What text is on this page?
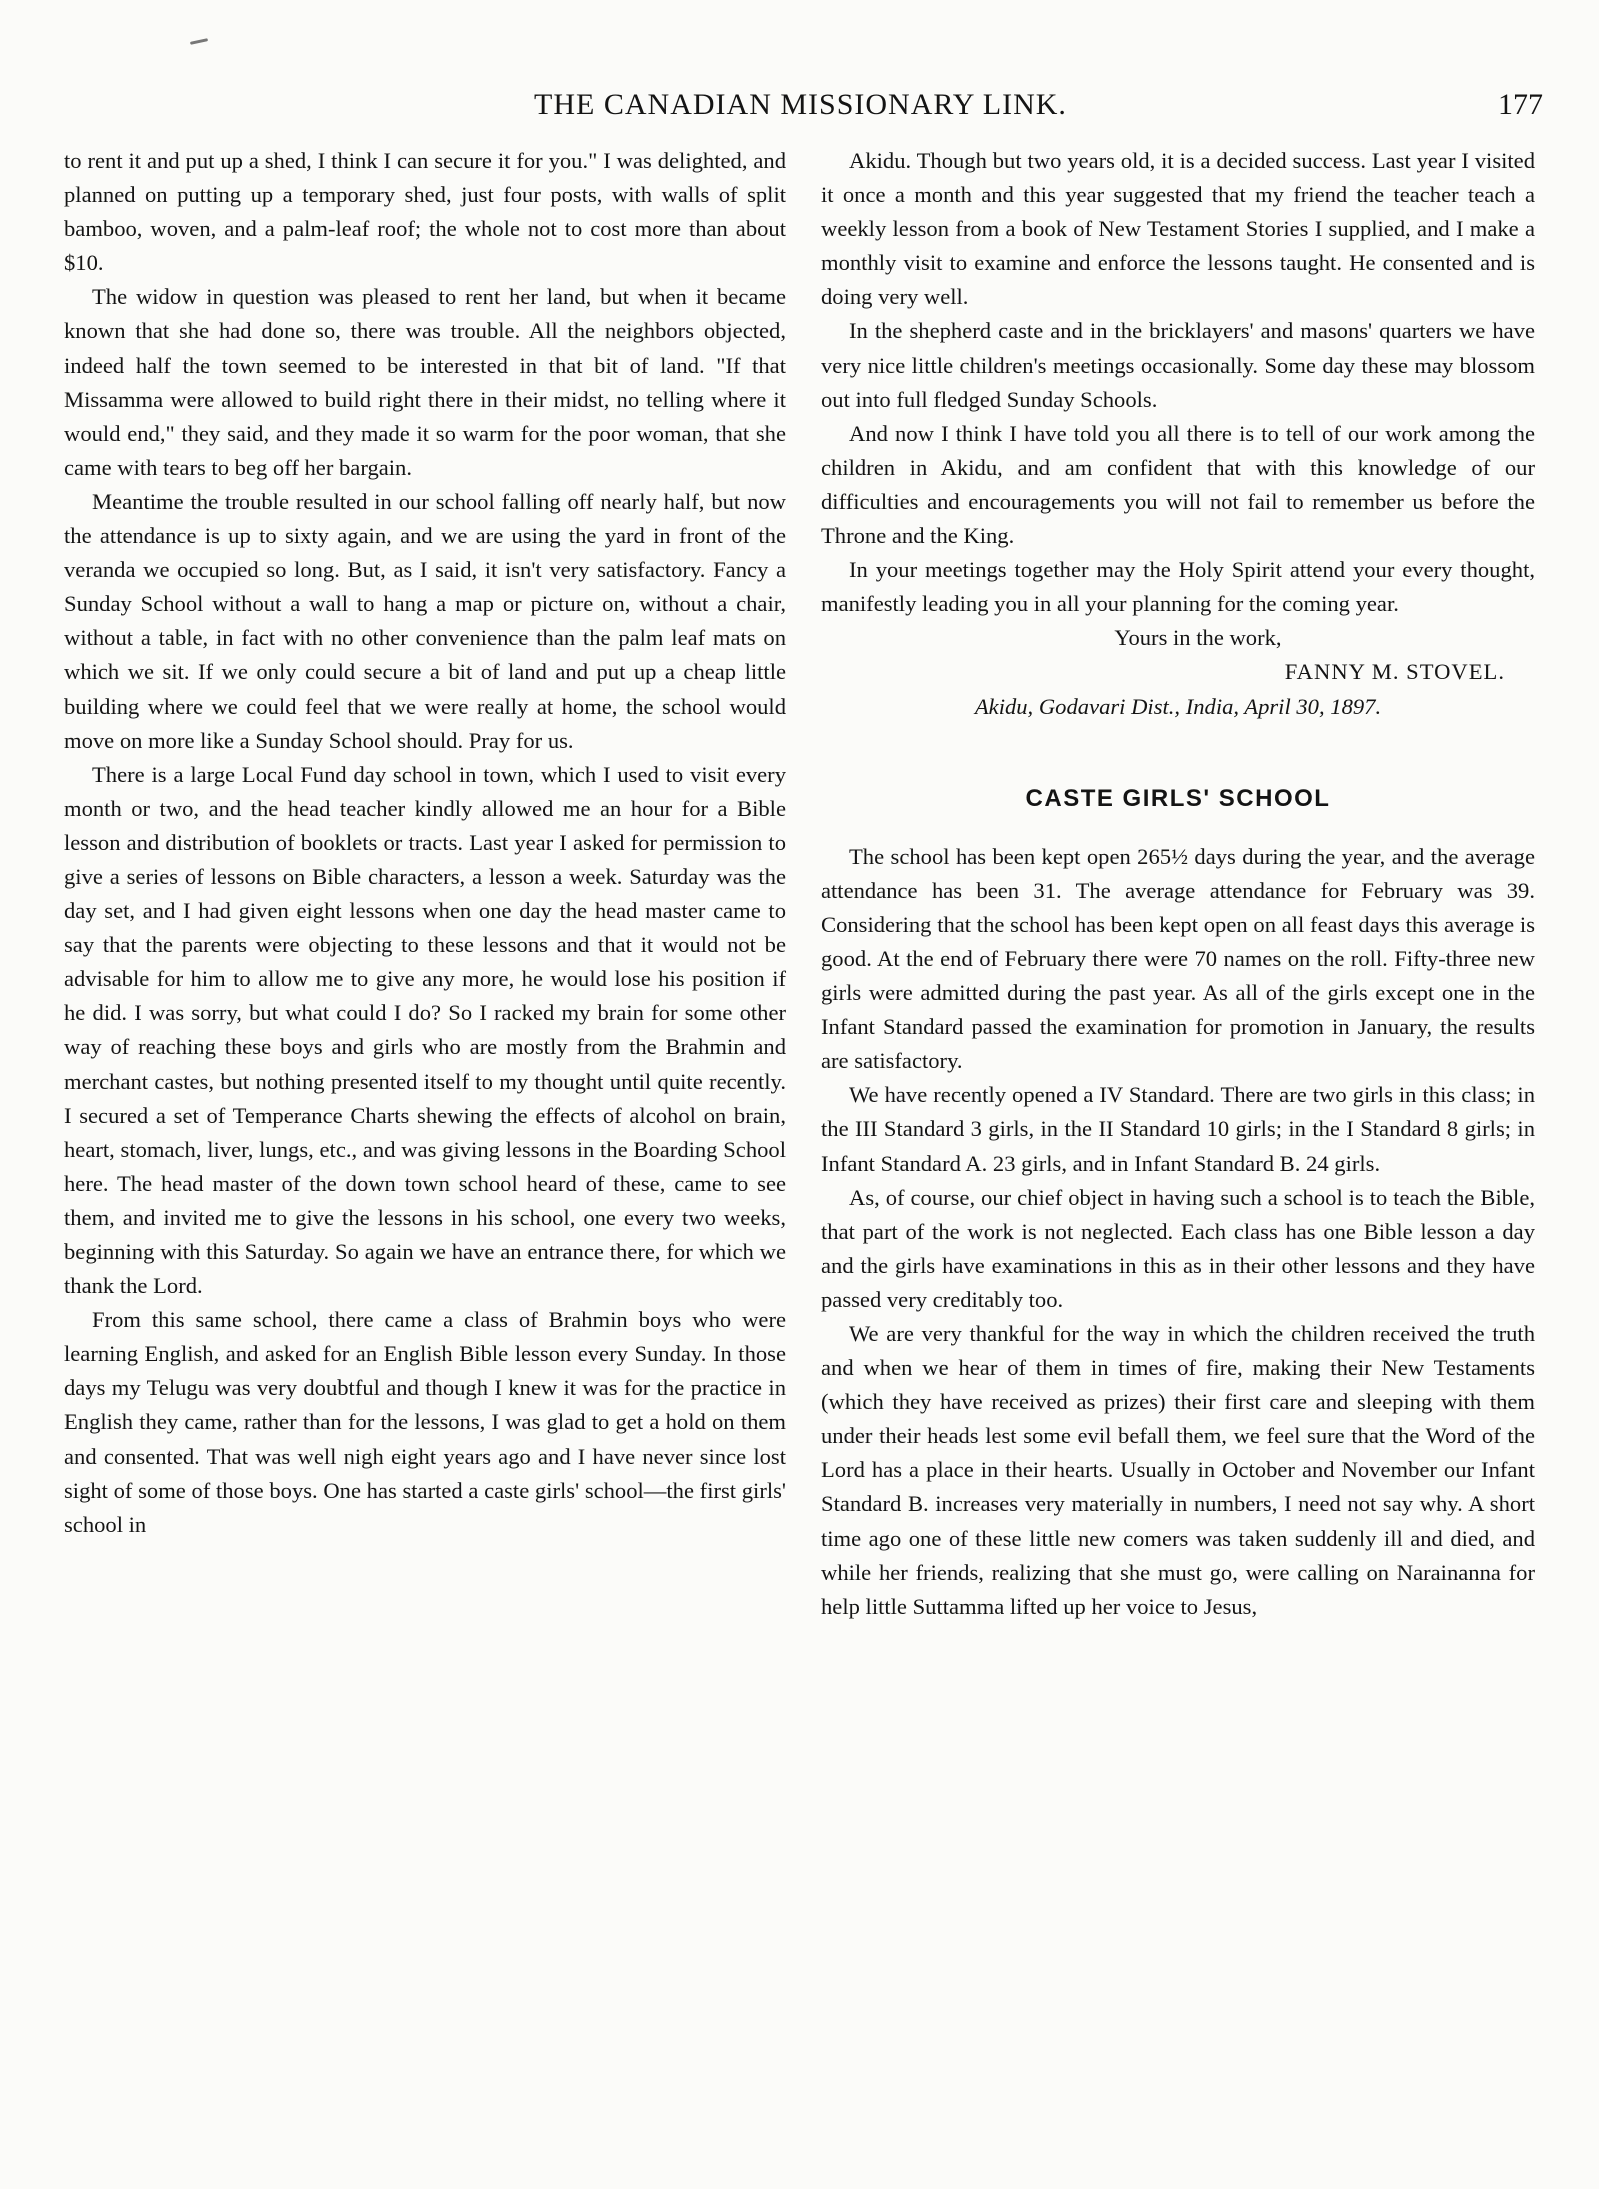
THE CANADIAN MISSIONARY LINK.	177

to rent it and put up a shed, I think I can secure it for you." I was delighted, and planned on putting up a temporary shed, just four posts, with walls of split bamboo, woven, and a palm-leaf roof; the whole not to cost more than about $10.

The widow in question was pleased to rent her land, but when it became known that she had done so, there was trouble. All the neighbors objected, indeed half the town seemed to be interested in that bit of land. "If that Missamma were allowed to build right there in their midst, no telling where it would end," they said, and they made it so warm for the poor woman, that she came with tears to beg off her bargain.

Meantime the trouble resulted in our school falling off nearly half, but now the attendance is up to sixty again, and we are using the yard in front of the veranda we occupied so long. But, as I said, it isn't very satisfactory. Fancy a Sunday School without a wall to hang a map or picture on, without a chair, without a table, in fact with no other convenience than the palm leaf mats on which we sit. If we only could secure a bit of land and put up a cheap little building where we could feel that we were really at home, the school would move on more like a Sunday School should. Pray for us.

There is a large Local Fund day school in town, which I used to visit every month or two, and the head teacher kindly allowed me an hour for a Bible lesson and distribution of booklets or tracts. Last year I asked for permission to give a series of lessons on Bible characters, a lesson a week. Saturday was the day set, and I had given eight lessons when one day the head master came to say that the parents were objecting to these lessons and that it would not be advisable for him to allow me to give any more, he would lose his position if he did. I was sorry, but what could I do? So I racked my brain for some other way of reaching these boys and girls who are mostly from the Brahmin and merchant castes, but nothing presented itself to my thought until quite recently. I secured a set of Temperance Charts shewing the effects of alcohol on brain, heart, stomach, liver, lungs, etc., and was giving lessons in the Boarding School here. The head master of the down town school heard of these, came to see them, and invited me to give the lessons in his school, one every two weeks, beginning with this Saturday. So again we have an entrance there, for which we thank the Lord.

From this same school, there came a class of Brahmin boys who were learning English, and asked for an English Bible lesson every Sunday. In those days my Telugu was very doubtful and though I knew it was for the practice in English they came, rather than for the lessons, I was glad to get a hold on them and consented. That was well nigh eight years ago and I have never since lost sight of some of those boys. One has started a caste girls' school—the first girls' school in

Akidu. Though but two years old, it is a decided success. Last year I visited it once a month and this year suggested that my friend the teacher teach a weekly lesson from a book of New Testament Stories I supplied, and I make a monthly visit to examine and enforce the lessons taught. He consented and is doing very well.

In the shepherd caste and in the bricklayers' and masons' quarters we have very nice little children's meetings occasionally. Some day these may blossom out into full fledged Sunday Schools.

And now I think I have told you all there is to tell of our work among the children in Akidu, and am confident that with this knowledge of our difficulties and encouragements you will not fail to remember us before the Throne and the King.

In your meetings together may the Holy Spirit attend your every thought, manifestly leading you in all your planning for the coming year.

Yours in the work,
FANNY M. STOVEL.
Akidu, Godavari Dist., India, April 30, 1897.
CASTE GIRLS' SCHOOL

The school has been kept open 265½ days during the year, and the average attendance has been 31. The average attendance for February was 39. Considering that the school has been kept open on all feast days this average is good. At the end of February there were 70 names on the roll. Fifty-three new girls were admitted during the past year. As all of the girls except one in the Infant Standard passed the examination for promotion in January, the results are satisfactory.

We have recently opened a IV Standard. There are two girls in this class; in the III Standard 3 girls, in the II Standard 10 girls; in the I Standard 8 girls; in Infant Standard A. 23 girls, and in Infant Standard B. 24 girls.

As, of course, our chief object in having such a school is to teach the Bible, that part of the work is not neglected. Each class has one Bible lesson a day and the girls have examinations in this as in their other lessons and they have passed very creditably too.

We are very thankful for the way in which the children received the truth and when we hear of them in times of fire, making their New Testaments (which they have received as prizes) their first care and sleeping with them under their heads lest some evil befall them, we feel sure that the Word of the Lord has a place in their hearts. Usually in October and November our Infant Standard B. increases very materially in numbers, I need not say why. A short time ago one of these little new comers was taken suddenly ill and died, and while her friends, realizing that she must go, were calling on Narainanna for help little Suttamma lifted up her voice to Jesus,
